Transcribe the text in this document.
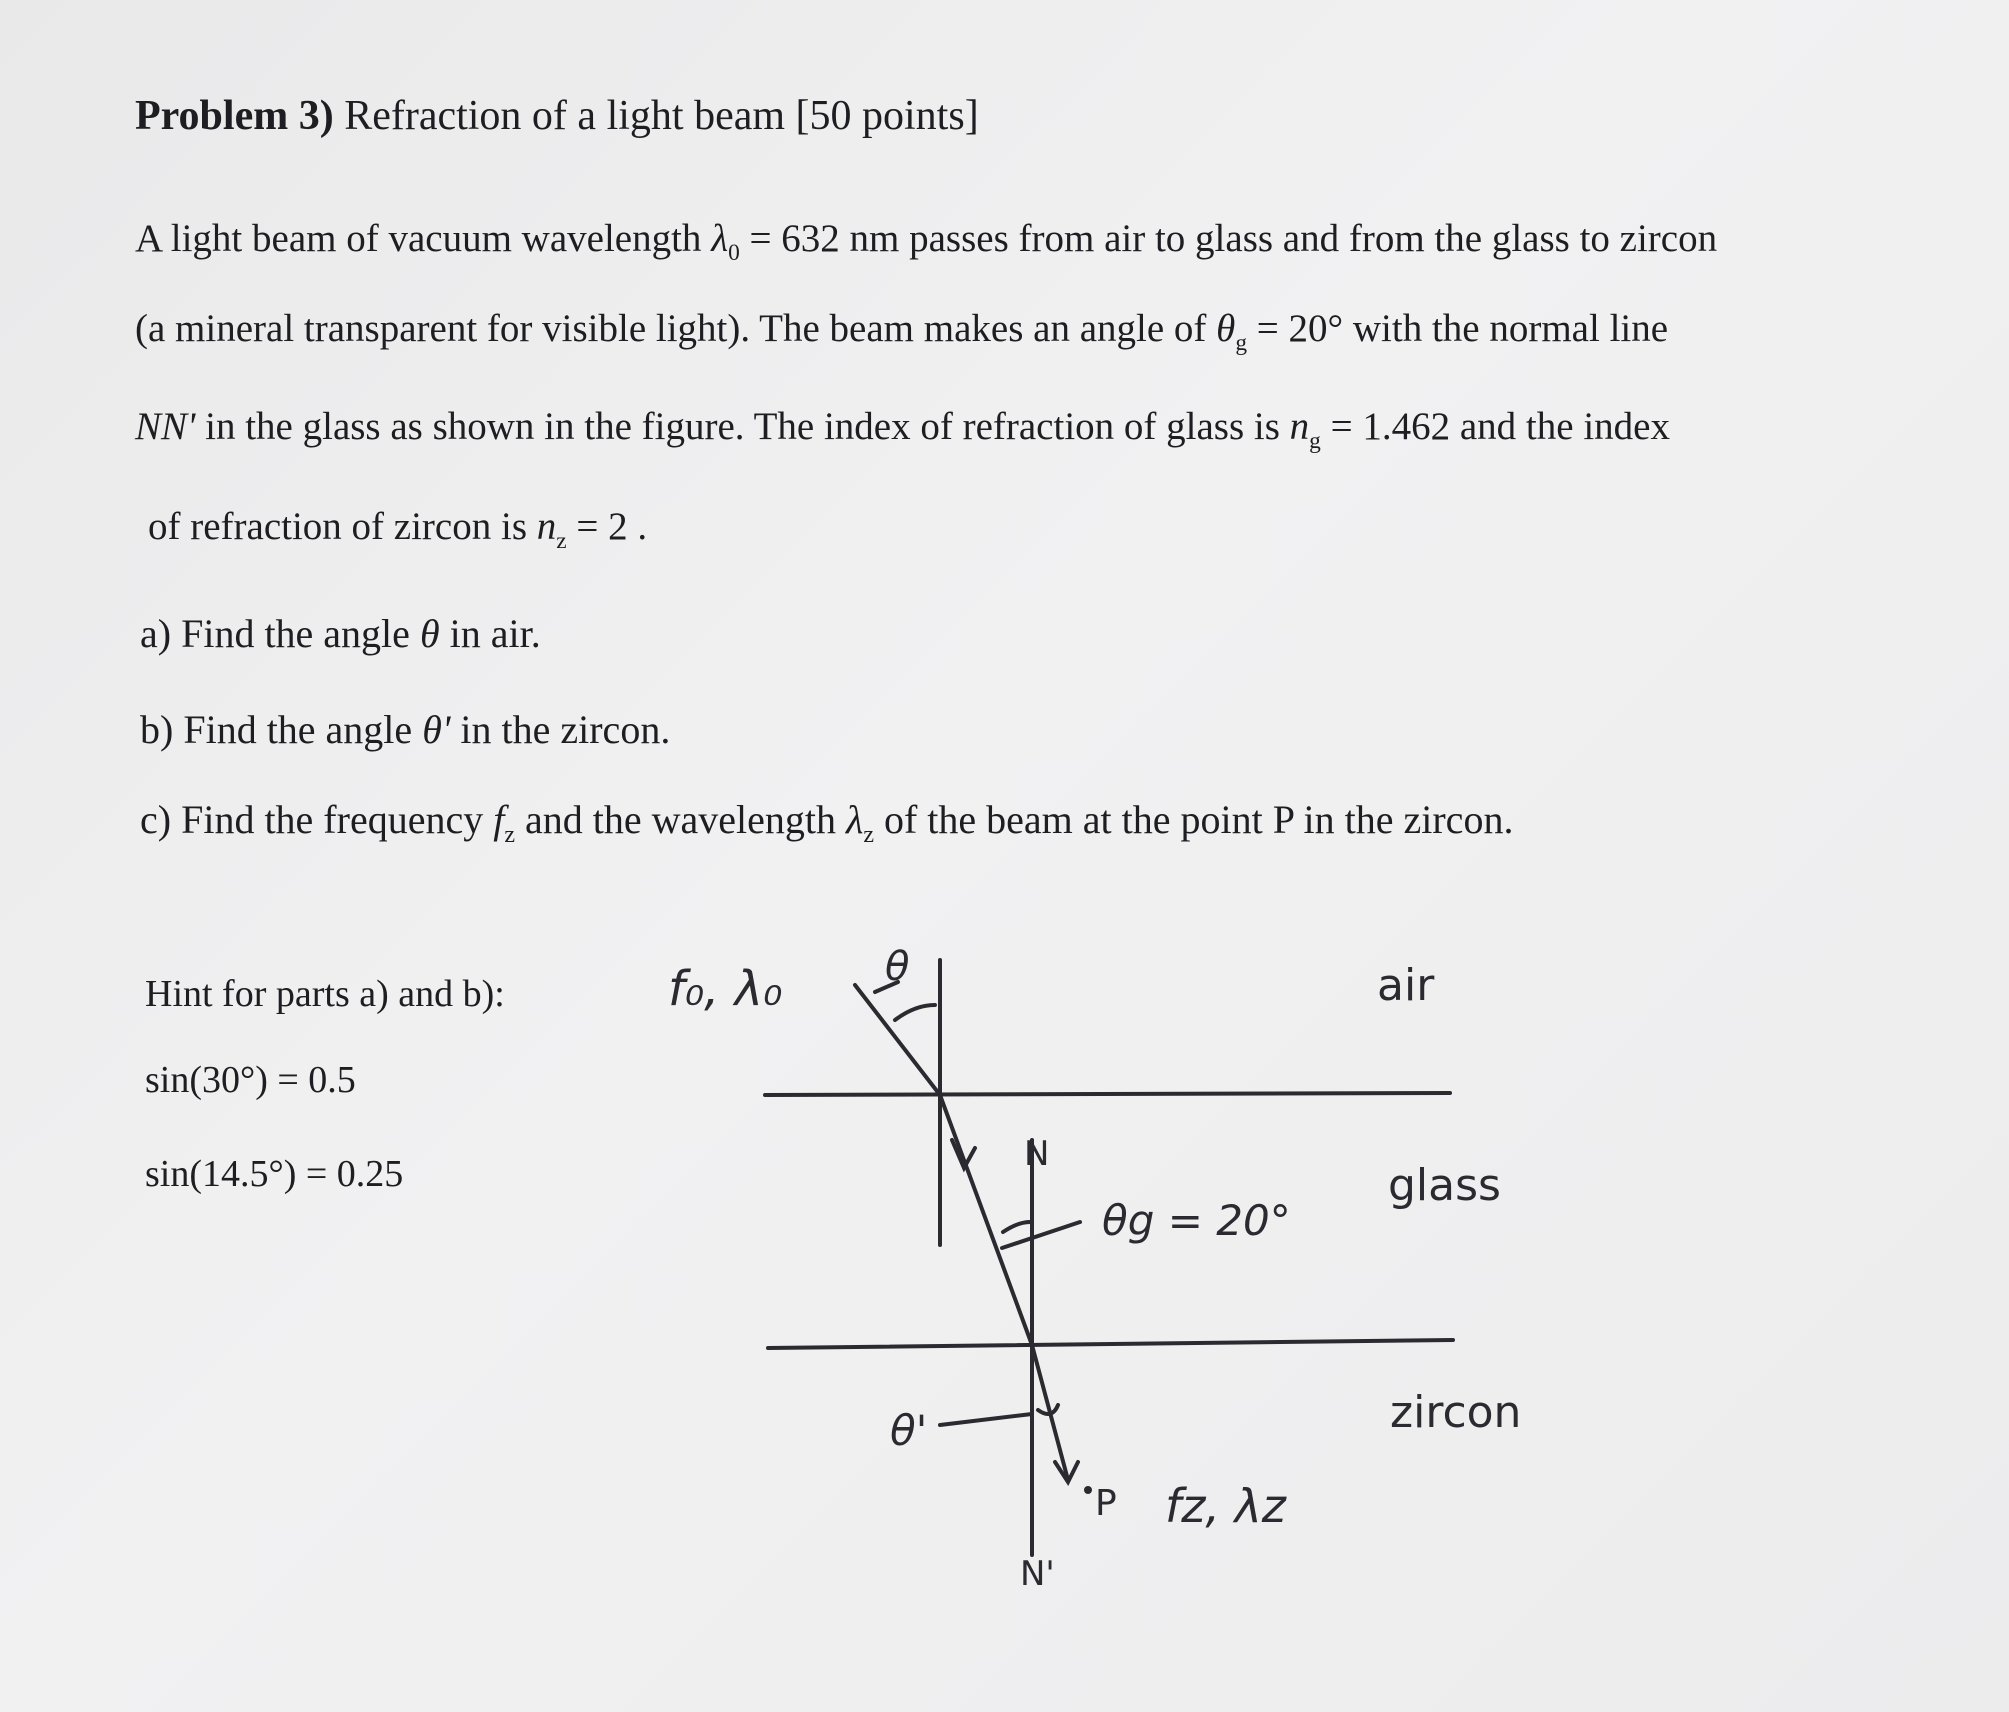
Problem 3) Refraction of a light beam [50 points]
A light beam of vacuum wavelength $\lambda_0 = 632$ nm passes from air to glass and from the glass to zircon
(a mineral transparent for visible light). The beam makes an angle of $\theta_g = 20^\circ$ with the normal line
NN' in the glass as shown in the figure. The index of refraction of glass is $n_g = 1.462$ and the index
of refraction of zircon is $n_z = 2$ .
a) Find the angle θ in air.
b) Find the angle θ' in the zircon.
c) Find the frequency $f_z$ and the wavelength $\lambda_z$ of the beam at the point P in the zircon.
Hint for parts a) and b):
sin(30°) = 0.5
sin(14.5°) = 0.25
air
glass
zircon
N
N'
P
f₀, λ₀	θ
θg = 20°
θ'
fz, λz
